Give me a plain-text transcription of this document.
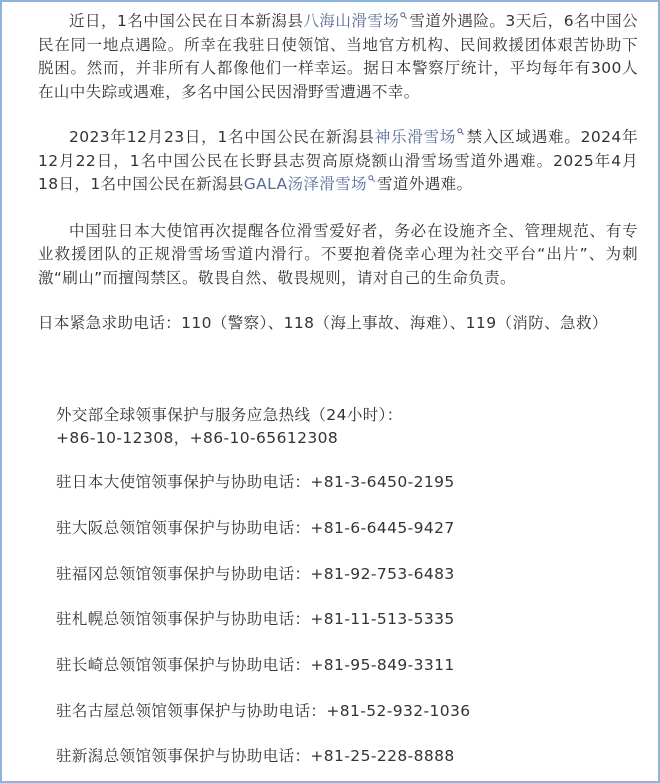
近日，1名中国公民在日本新潟县八海山滑雪场 雪道外遇险。3天后，6名中国公民在同一地点遇险。所幸在我驻日使领馆、当地官方机构、民间救援团体艰苦协助下脱困。然而，并非所有人都像他们一样幸运。据日本警察厅统计，平均每年有300人在山中失踪或遇难，多名中国公民因滑野雪遭遇不幸。

2023年12月23日，1名中国公民在新潟县神乐滑雪场 禁入区域遇难。2024年12月22日，1名中国公民在长野县志贺高原烧额山滑雪场雪道外遇难。2025年4月18日，1名中国公民在新潟县GALA汤泽滑雪场 雪道外遇难。

中国驻日本大使馆再次提醒各位滑雪爱好者，务必在设施齐全、管理规范、有专业救援团队的正规滑雪场雪道内滑行。不要抱着侥幸心理为社交平台“出片”、为刺激“刷山”而擅闯禁区。敬畏自然、敬畏规则，请对自己的生命负责。

日本紧急求助电话：110（警察）、118（海上事故、海难）、119（消防、急救）

外交部全球领事保护与服务应急热线（24小时）：
+86-10-12308，+86-10-65612308
驻日本大使馆领事保护与协助电话：+81-3-6450-2195
驻大阪总领馆领事保护与协助电话：+81-6-6445-9427
驻福冈总领馆领事保护与协助电话：+81-92-753-6483
驻札幌总领馆领事保护与协助电话：+81-11-513-5335
驻长崎总领馆领事保护与协助电话：+81-95-849-3311
驻名古屋总领馆领事保护与协助电话：+81-52-932-1036
驻新潟总领馆领事保护与协助电话：+81-25-228-8888
